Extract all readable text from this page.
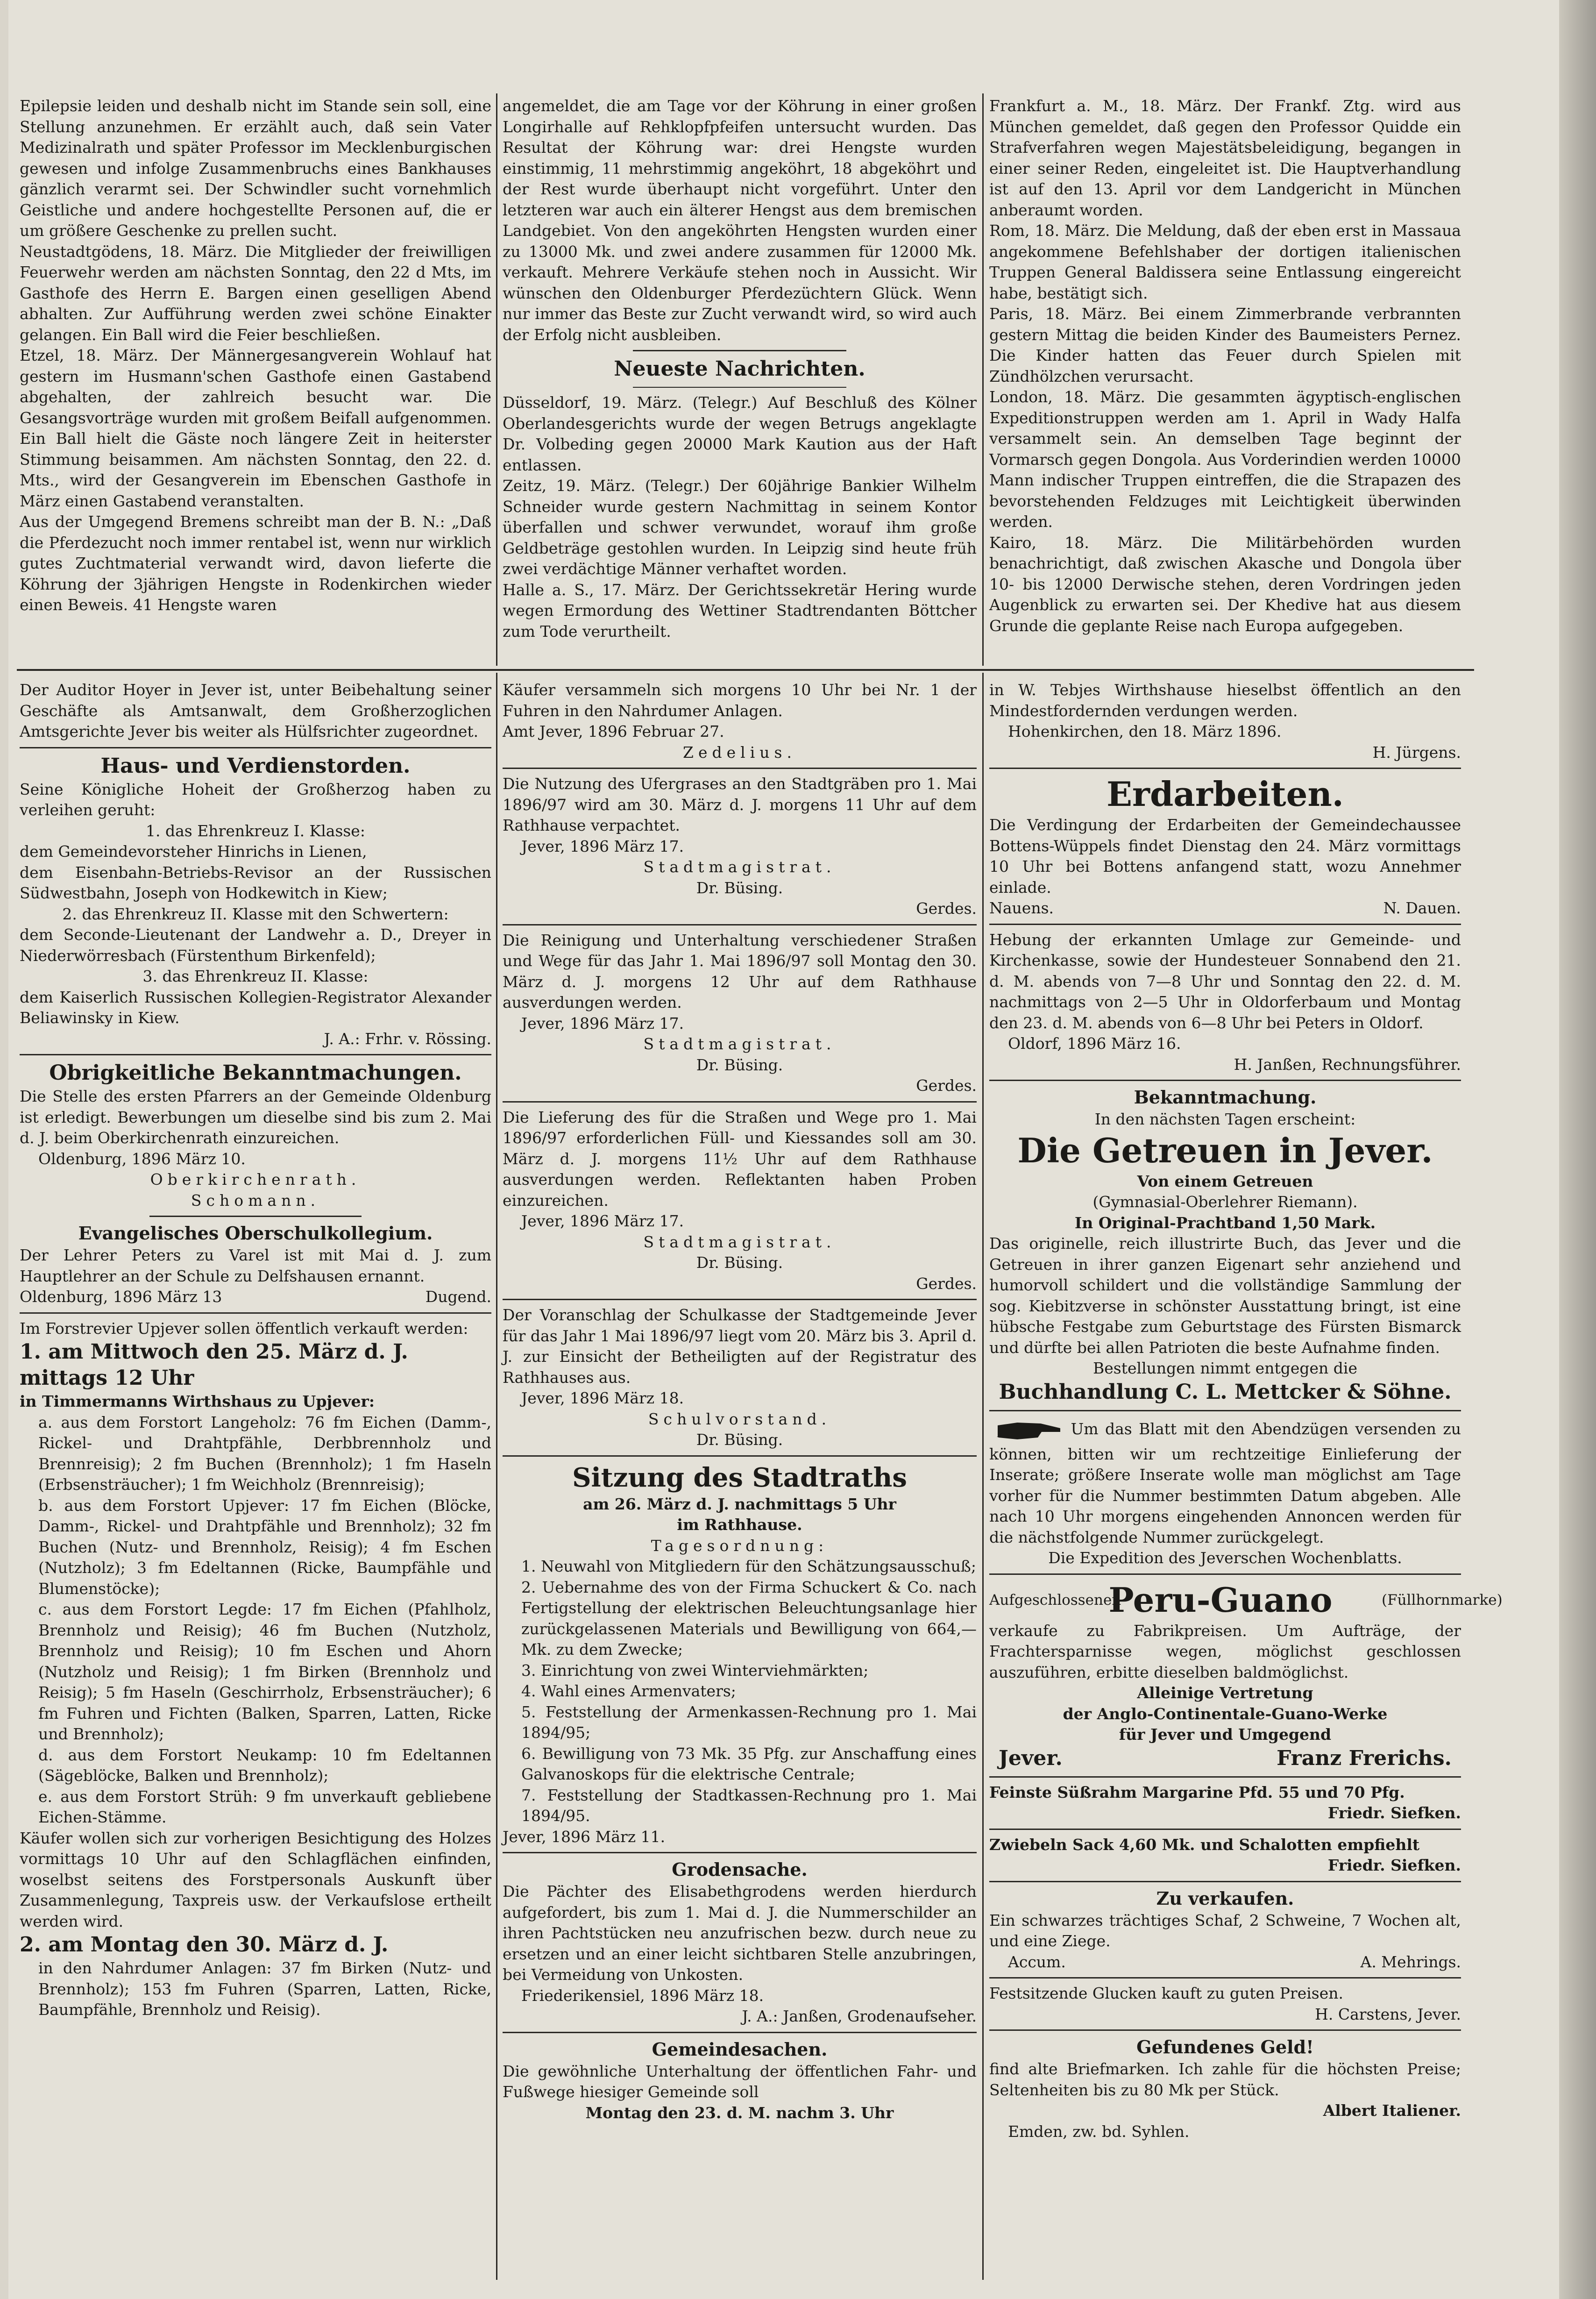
Epilepsie leiden und deshalb nicht im Stande sein soll, eine Stellung anzunehmen. Er erzählt auch, daß sein Vater Medizinalrath und später Professor im Mecklenburgischen gewesen und infolge Zusammenbruchs eines Bankhauses gänzlich verarmt sei. Der Schwindler sucht vornehmlich Geistliche und andere hochgestellte Personen auf, die er um größere Geschenke zu prellen sucht.

Neustadtgödens, 18. März. Die Mitglieder der freiwilligen Feuerwehr werden am nächsten Sonntag, den 22 d Mts, im Gasthofe des Herrn E. Bargen einen geselligen Abend abhalten. Zur Aufführung werden zwei schöne Einakter gelangen. Ein Ball wird die Feier beschließen.

Etzel, 18. März. Der Männergesangverein Wohlauf hat gestern im Husmann'schen Gasthofe einen Gastabend abgehalten, der zahlreich besucht war. Die Gesangsvorträge wurden mit großem Beifall aufgenommen. Ein Ball hielt die Gäste noch längere Zeit in heiterster Stimmung beisammen. Am nächsten Sonntag, den 22. d. Mts., wird der Gesangverein im Ebenschen Gasthofe in März einen Gastabend veranstalten.

Aus der Umgegend Bremens schreibt man der B. N.: „Daß die Pferdezucht noch immer rentabel ist, wenn nur wirklich gutes Zuchtmaterial verwandt wird, davon lieferte die Köhrung der 3jährigen Hengste in Rodenkirchen wieder einen Beweis. 41 Hengste waren

angemeldet, die am Tage vor der Köhrung in einer großen Longirhalle auf Rehklopfpfeifen untersucht wurden. Das Resultat der Köhrung war: drei Hengste wurden einstimmig, 11 mehrstimmig angeköhrt, 18 abgeköhrt und der Rest wurde überhaupt nicht vorgeführt. Unter den letzteren war auch ein älterer Hengst aus dem bremischen Landgebiet. Von den angeköhrten Hengsten wurden einer zu 13000 Mk. und zwei andere zusammen für 12000 Mk. verkauft. Mehrere Verkäufe stehen noch in Aussicht. Wir wünschen den Oldenburger Pferdezüchtern Glück. Wenn nur immer das Beste zur Zucht verwandt wird, so wird auch der Erfolg nicht ausbleiben.

Neueste Nachrichten.

Düsseldorf, 19. März. (Telegr.) Auf Beschluß des Kölner Oberlandesgerichts wurde der wegen Betrugs angeklagte Dr. Volbeding gegen 20000 Mark Kaution aus der Haft entlassen.

Zeitz, 19. März. (Telegr.) Der 60jährige Bankier Wilhelm Schneider wurde gestern Nachmittag in seinem Kontor überfallen und schwer verwundet, worauf ihm große Geldbeträge gestohlen wurden. In Leipzig sind heute früh zwei verdächtige Männer verhaftet worden.

Halle a. S., 17. März. Der Gerichtssekretär Hering wurde wegen Ermordung des Wettiner Stadtrendanten Böttcher zum Tode verurtheilt.

Frankfurt a. M., 18. März. Der Frankf. Ztg. wird aus München gemeldet, daß gegen den Professor Quidde ein Strafverfahren wegen Majestätsbeleidigung, begangen in einer seiner Reden, eingeleitet ist. Die Hauptverhandlung ist auf den 13. April vor dem Landgericht in München anberaumt worden.

Rom, 18. März. Die Meldung, daß der eben erst in Massaua angekommene Befehlshaber der dortigen italienischen Truppen General Baldissera seine Entlassung eingereicht habe, bestätigt sich.

Paris, 18. März. Bei einem Zimmerbrande verbrannten gestern Mittag die beiden Kinder des Baumeisters Pernez. Die Kinder hatten das Feuer durch Spielen mit Zündhölzchen verursacht.

London, 18. März. Die gesammten ägyptisch-englischen Expeditionstruppen werden am 1. April in Wady Halfa versammelt sein. An demselben Tage beginnt der Vormarsch gegen Dongola. Aus Vorderindien werden 10000 Mann indischer Truppen eintreffen, die die Strapazen des bevorstehenden Feldzuges mit Leichtigkeit überwinden werden.

Kairo, 18. März. Die Militärbehörden wurden benachrichtigt, daß zwischen Akasche und Dongola über 10- bis 12000 Derwische stehen, deren Vordringen jeden Augenblick zu erwarten sei. Der Khedive hat aus diesem Grunde die geplante Reise nach Europa aufgegeben.

Der Auditor Hoyer in Jever ist, unter Beibehaltung seiner Geschäfte als Amtsanwalt, dem Großherzoglichen Amtsgerichte Jever bis weiter als Hülfsrichter zugeordnet.

Haus- und Verdienstorden.

Seine Königliche Hoheit der Großherzog haben zu verleihen geruht:

1. das Ehrenkreuz I. Klasse:

dem Gemeindevorsteher Hinrichs in Lienen,

dem Eisenbahn-Betriebs-Revisor an der Russischen Südwestbahn, Joseph von Hodkewitch in Kiew;

2. das Ehrenkreuz II. Klasse mit den Schwertern:

dem Seconde-Lieutenant der Landwehr a. D., Dreyer in Niederwörresbach (Fürstenthum Birkenfeld);

3. das Ehrenkreuz II. Klasse:

dem Kaiserlich Russischen Kollegien-Registrator Alexander Beliawinsky in Kiew.

J. A.: Frhr. v. Rössing.

Obrigkeitliche Bekanntmachungen.

Die Stelle des ersten Pfarrers an der Gemeinde Oldenburg ist erledigt. Bewerbungen um dieselbe sind bis zum 2. Mai d. J. beim Oberkirchenrath einzureichen.

Oldenburg, 1896 März 10.

Oberkirchenrath.

Schomann.

Evangelisches Oberschulkollegium.

Der Lehrer Peters zu Varel ist mit Mai d. J. zum Hauptlehrer an der Schule zu Delfshausen ernannt.

Oldenburg, 1896 März 13	Dugend.

Im Forstrevier Upjever sollen öffentlich verkauft werden:

1. am Mittwoch den 25. März d. J. mittags 12 Uhr

in Timmermanns Wirthshaus zu Upjever:

a. aus dem Forstort Langeholz: 76 fm Eichen (Damm-, Rickel- und Drahtpfähle, Derbbrennholz und Brennreisig); 2 fm Buchen (Brennholz); 1 fm Haseln (Erbsensträucher); 1 fm Weichholz (Brennreisig);

b. aus dem Forstort Upjever: 17 fm Eichen (Blöcke, Damm-, Rickel- und Drahtpfähle und Brennholz); 32 fm Buchen (Nutz- und Brennholz, Reisig); 4 fm Eschen (Nutzholz); 3 fm Edeltannen (Ricke, Baumpfähle und Blumenstöcke);

c. aus dem Forstort Legde: 17 fm Eichen (Pfahlholz, Brennholz und Reisig); 46 fm Buchen (Nutzholz, Brennholz und Reisig); 10 fm Eschen und Ahorn (Nutzholz und Reisig); 1 fm Birken (Brennholz und Reisig); 5 fm Haseln (Geschirrholz, Erbsensträucher); 6 fm Fuhren und Fichten (Balken, Sparren, Latten, Ricke und Brennholz);

d. aus dem Forstort Neukamp: 10 fm Edeltannen (Sägeblöcke, Balken und Brennholz);

e. aus dem Forstort Strüh: 9 fm unverkauft gebliebene Eichen-Stämme.

Käufer wollen sich zur vorherigen Besichtigung des Holzes vormittags 10 Uhr auf den Schlagflächen einfinden, woselbst seitens des Forstpersonals Auskunft über Zusammenlegung, Taxpreis usw. der Verkaufslose ertheilt werden wird.

2. am Montag den 30. März d. J.

in den Nahrdumer Anlagen: 37 fm Birken (Nutz- und Brennholz); 153 fm Fuhren (Sparren, Latten, Ricke, Baumpfähle, Brennholz und Reisig).

Käufer versammeln sich morgens 10 Uhr bei Nr. 1 der Fuhren in den Nahrdumer Anlagen.

Amt Jever, 1896 Februar 27.

Zedelius.

Die Nutzung des Ufergrases an den Stadtgräben pro 1. Mai 1896/97 wird am 30. März d. J. morgens 11 Uhr auf dem Rathhause verpachtet.

Jever, 1896 März 17.

Stadtmagistrat.

Dr. Büsing.

Gerdes.

Die Reinigung und Unterhaltung verschiedener Straßen und Wege für das Jahr 1. Mai 1896/97 soll Montag den 30. März d. J. morgens 12 Uhr auf dem Rathhause ausverdungen werden.

Jever, 1896 März 17.

Stadtmagistrat.

Dr. Büsing.

Gerdes.

Die Lieferung des für die Straßen und Wege pro 1. Mai 1896/97 erforderlichen Füll- und Kiessandes soll am 30. März d. J. morgens 11½ Uhr auf dem Rathhause ausverdungen werden. Reflektanten haben Proben einzureichen.

Jever, 1896 März 17.

Stadtmagistrat.

Dr. Büsing.

Gerdes.

Der Voranschlag der Schulkasse der Stadtgemeinde Jever für das Jahr 1 Mai 1896/97 liegt vom 20. März bis 3. April d. J. zur Einsicht der Betheiligten auf der Registratur des Rathhauses aus.

Jever, 1896 März 18.

Schulvorstand.

Dr. Büsing.

Sitzung des Stadtraths

am 26. März d. J. nachmittags 5 Uhr

im Rathhause.

Tagesordnung:

1. Neuwahl von Mitgliedern für den Schätzungsausschuß;

2. Uebernahme des von der Firma Schuckert & Co. nach Fertigstellung der elektrischen Beleuchtungsanlage hier zurückgelassenen Materials und Bewilligung von 664,— Mk. zu dem Zwecke;

3. Einrichtung von zwei Winterviehmärkten;

4. Wahl eines Armenvaters;

5. Feststellung der Armenkassen-Rechnung pro 1. Mai 1894/95;

6. Bewilligung von 73 Mk. 35 Pfg. zur Anschaffung eines Galvanoskops für die elektrische Centrale;

7. Feststellung der Stadtkassen-Rechnung pro 1. Mai 1894/95.

Jever, 1896 März 11.

Grodensache.

Die Pächter des Elisabethgrodens werden hierdurch aufgefordert, bis zum 1. Mai d. J. die Nummerschilder an ihren Pachtstücken neu anzufrischen bezw. durch neue zu ersetzen und an einer leicht sichtbaren Stelle anzubringen, bei Vermeidung von Unkosten.

Friederikensiel, 1896 März 18.

J. A.: Janßen, Grodenaufseher.

Gemeindesachen.

Die gewöhnliche Unterhaltung der öffentlichen Fahr- und Fußwege hiesiger Gemeinde soll

Montag den 23. d. M. nachm 3. Uhr

in W. Tebjes Wirthshause hieselbst öffentlich an den Mindestfordernden verdungen werden.

Hohenkirchen, den 18. März 1896.

H. Jürgens.

Erdarbeiten.

Die Verdingung der Erdarbeiten der Gemeindechaussee Bottens-Wüppels findet Dienstag den 24. März vormittags 10 Uhr bei Bottens anfangend statt, wozu Annehmer einlade.

Nauens.	N. Dauen.

Hebung der erkannten Umlage zur Gemeinde- und Kirchenkasse, sowie der Hundesteuer Sonnabend den 21. d. M. abends von 7—8 Uhr und Sonntag den 22. d. M. nachmittags von 2—5 Uhr in Oldorferbaum und Montag den 23. d. M. abends von 6—8 Uhr bei Peters in Oldorf.

Oldorf, 1896 März 16.

H. Janßen, Rechnungsführer.

Bekanntmachung.

In den nächsten Tagen erscheint:

Die Getreuen in Jever.

Von einem Getreuen

(Gymnasial-Oberlehrer Riemann).

In Original-Prachtband 1,50 Mark.

Das originelle, reich illustrirte Buch, das Jever und die Getreuen in ihrer ganzen Eigenart sehr anziehend und humorvoll schildert und die vollständige Sammlung der sog. Kiebitzverse in schönster Ausstattung bringt, ist eine hübsche Festgabe zum Geburtstage des Fürsten Bismarck und dürfte bei allen Patrioten die beste Aufnahme finden.

Bestellungen nimmt entgegen die

Buchhandlung C. L. Mettcker & Söhne.

Um das Blatt mit den Abendzügen versenden zu können, bitten wir um rechtzeitige Einlieferung der Inserate; größere Inserate wolle man möglichst am Tage vorher für die Nummer bestimmten Datum abgeben. Alle nach 10 Uhr morgens eingehenden Annoncen werden für die nächstfolgende Nummer zurückgelegt.

Die Expedition des Jeverschen Wochenblatts.

Aufgeschlossenen
Peru-Guano	(Füllhornmarke)

verkaufe zu Fabrikpreisen. Um Aufträge, der Frachtersparnisse wegen, möglichst geschlossen auszuführen, erbitte dieselben baldmöglichst.

Alleinige Vertretung

der Anglo-Continentale-Guano-Werke

für Jever und Umgegend

Jever.	Franz Frerichs.

Feinste Süßrahm Margarine Pfd. 55 und 70 Pfg.

Friedr. Siefken.

Zwiebeln Sack 4,60 Mk. und Schalotten empfiehlt

Friedr. Siefken.

Zu verkaufen.

Ein schwarzes trächtiges Schaf, 2 Schweine, 7 Wochen alt, und eine Ziege.

Accum.	A. Mehrings.

Festsitzende Glucken kauft zu guten Preisen.

H. Carstens, Jever.

Gefundenes Geld!

find alte Briefmarken. Ich zahle für die höchsten Preise; Seltenheiten bis zu 80 Mk per Stück.

Albert Italiener.

Emden, zw. bd. Syhlen.
